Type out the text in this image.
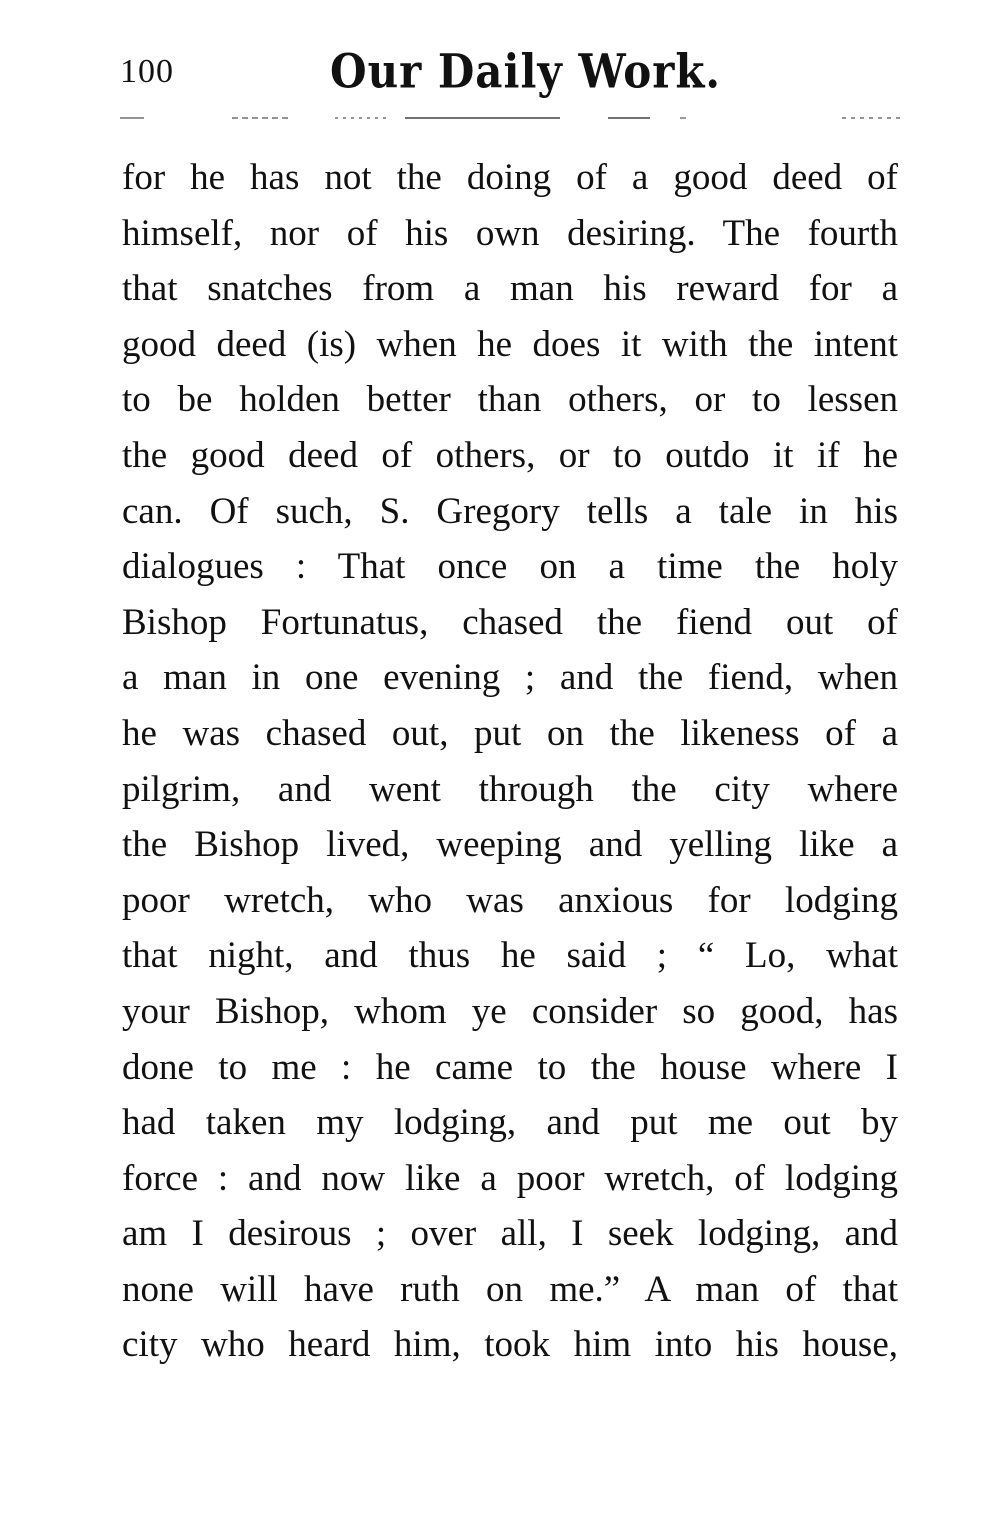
100	Our Daily Work.
for he has not the doing of a good deed of
himself, nor of his own desiring. The fourth
that snatches from a man his reward for a
good deed (is) when he does it with the intent
to be holden better than others, or to lessen
the good deed of others, or to outdo it if he
can. Of such, S. Gregory tells a tale in his
dialogues : That once on a time the holy
Bishop Fortunatus, chased the fiend out of
a man in one evening ; and the fiend, when
he was chased out, put on the likeness of a
pilgrim, and went through the city where
the Bishop lived, weeping and yelling like a
poor wretch, who was anxious for lodging
that night, and thus he said ; “ Lo, what
your Bishop, whom ye consider so good, has
done to me : he came to the house where I
had taken my lodging, and put me out by
force : and now like a poor wretch, of lodging
am I desirous ; over all, I seek lodging, and
none will have ruth on me.” A man of that
city who heard him, took him into his house,
